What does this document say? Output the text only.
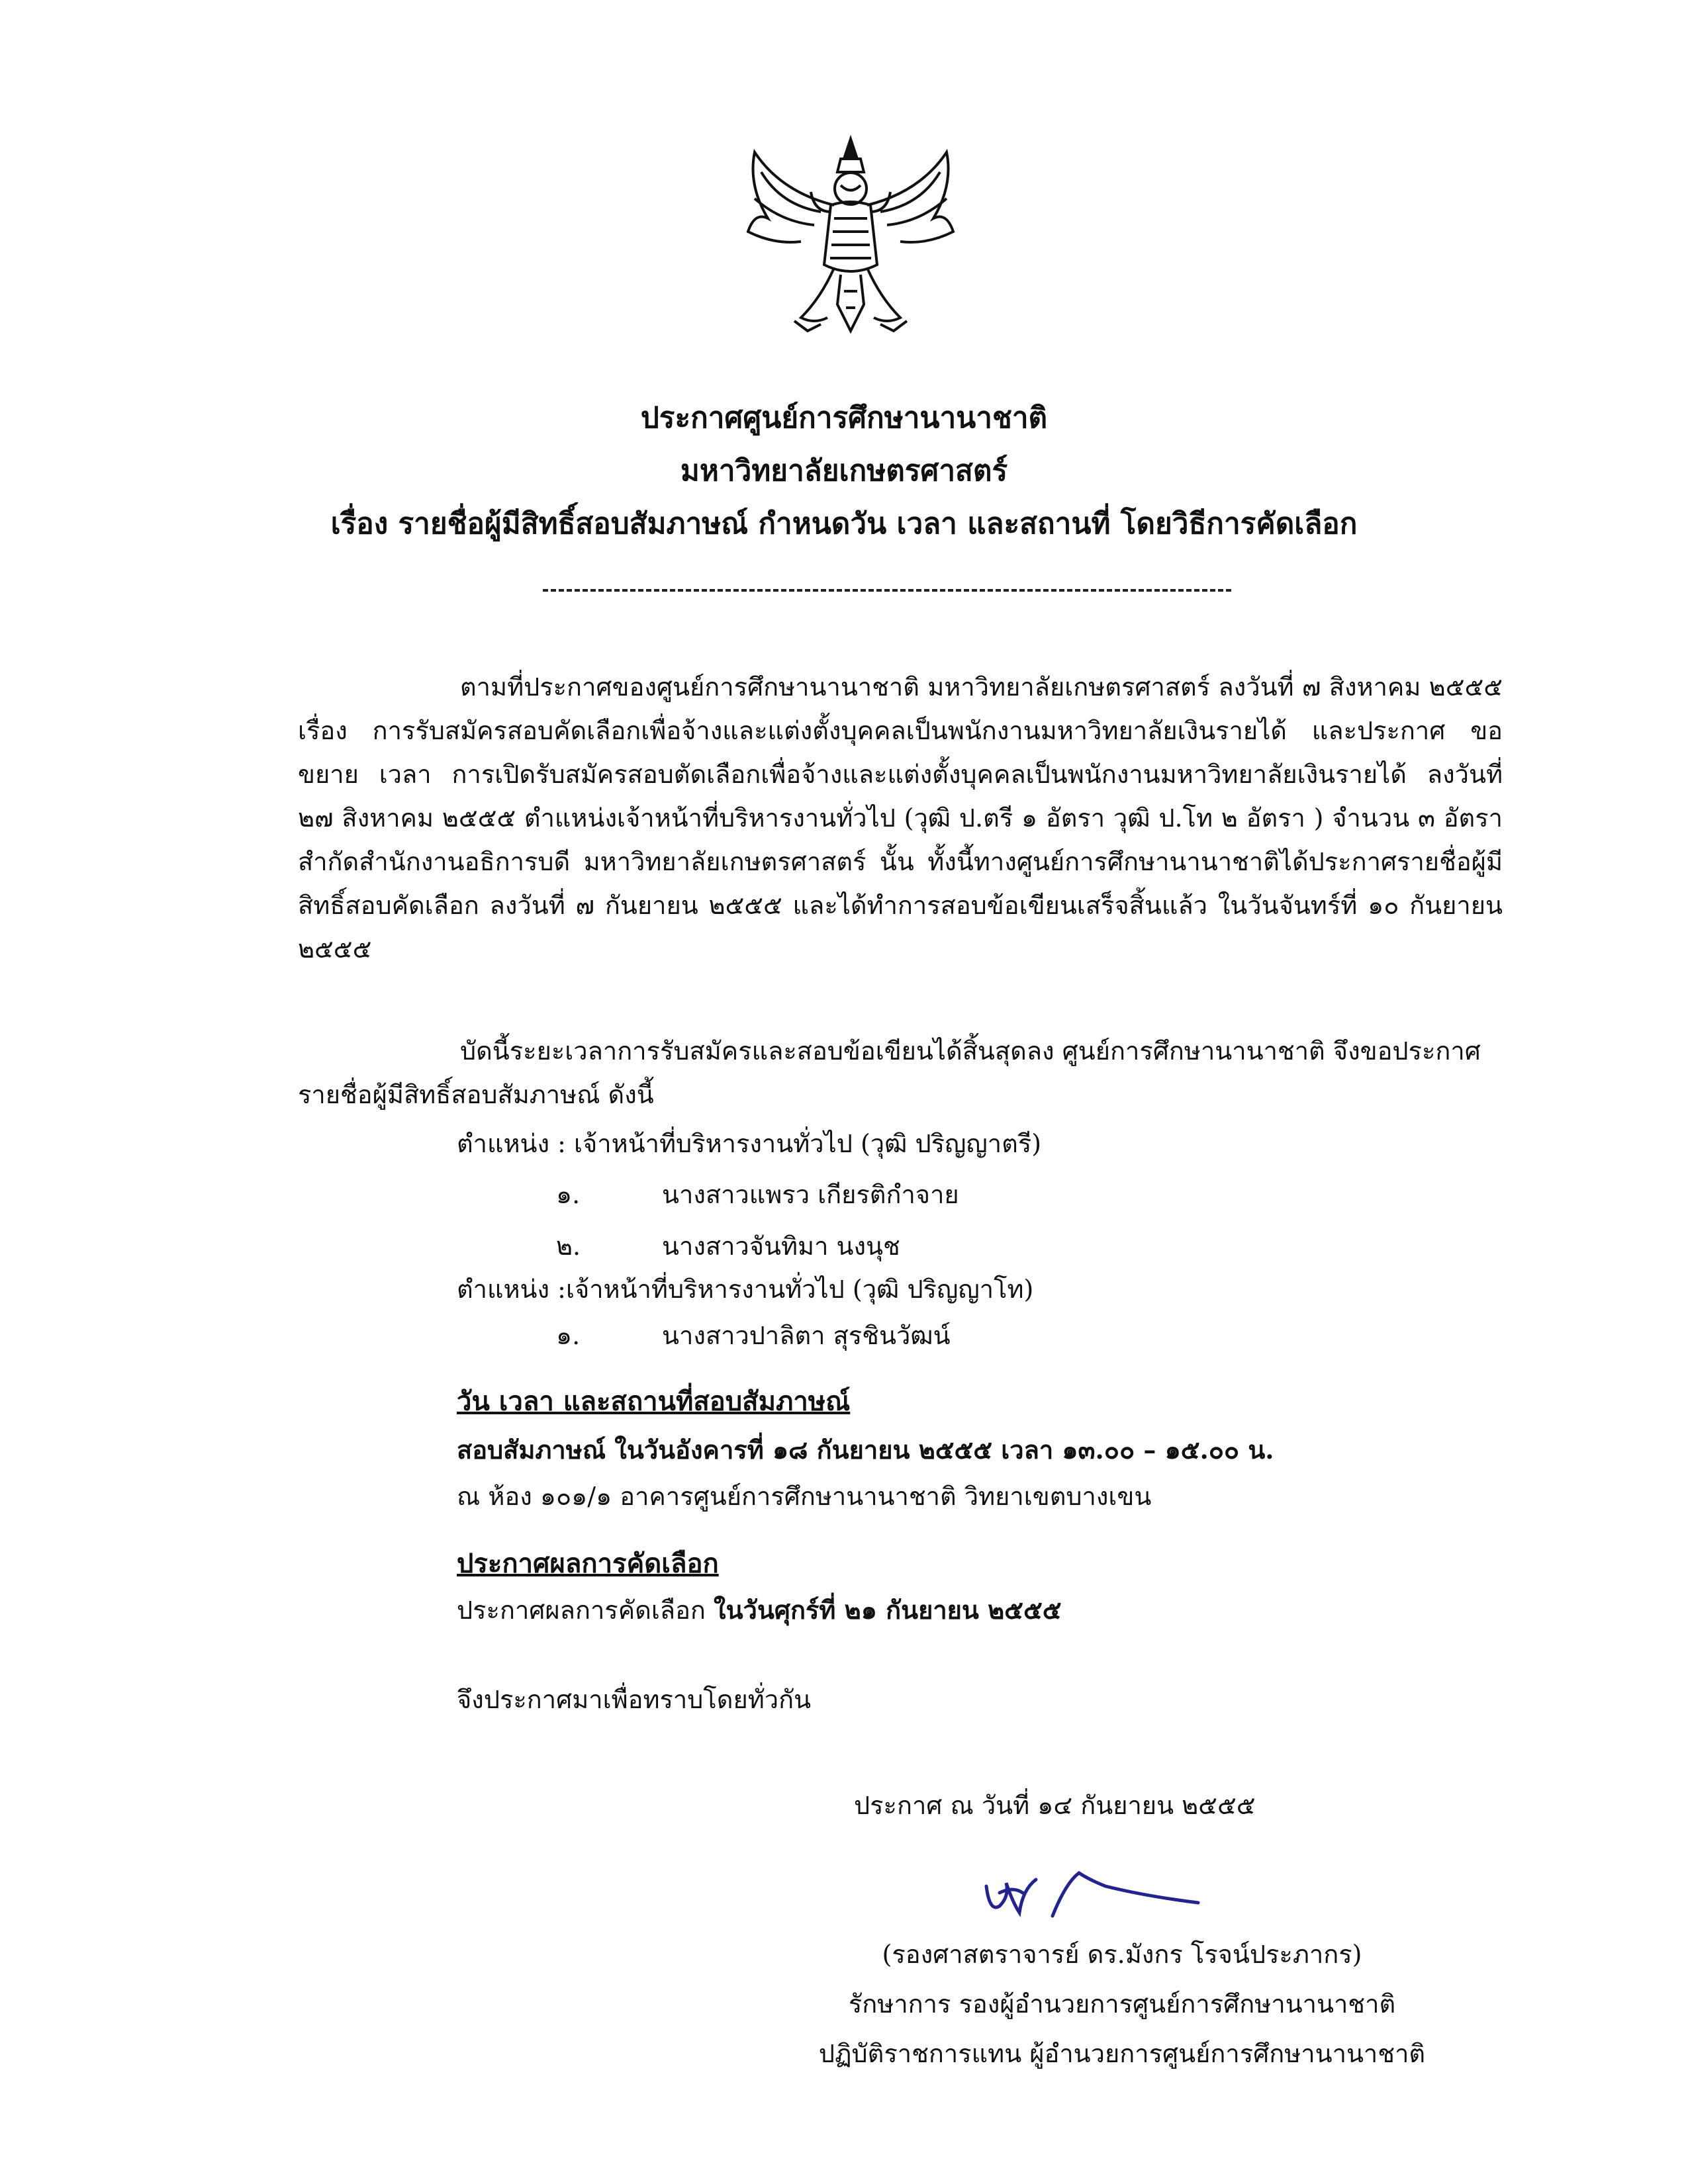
ประกาศศูนย์การศึกษานานาชาติ
มหาวิทยาลัยเกษตรศาสตร์
เรื่อง รายชื่อผู้มีสิทธิ์สอบสัมภาษณ์ กำหนดวัน เวลา และสถานที่ โดยวิธีการคัดเลือก
ตามที่ประกาศของศูนย์การศึกษานานาชาติ มหาวิทยาลัยเกษตรศาสตร์ ลงวันที่ ๗ สิงหาคม ๒๕๕๕ เรื่อง การรับสมัครสอบคัดเลือกเพื่อจ้างและแต่งตั้งบุคคลเป็นพนักงานมหาวิทยาลัยเงินรายได้ และประกาศ ขอขยาย เวลา การเปิดรับสมัครสอบตัดเลือกเพื่อจ้างและแต่งตั้งบุคคลเป็นพนักงานมหาวิทยาลัยเงินรายได้ ลงวันที่ ๒๗ สิงหาคม ๒๕๕๕ ตำแหน่งเจ้าหน้าที่บริหารงานทั่วไป (วุฒิ ป.ตรี ๑ อัตรา วุฒิ ป.โท ๒ อัตรา ) จำนวน ๓ อัตรา สำกัดสำนักงานอธิการบดี มหาวิทยาลัยเกษตรศาสตร์ นั้น ทั้งนี้ทางศูนย์การศึกษานานาชาติได้ประกาศรายชื่อผู้มีสิทธิ์สอบคัดเลือก ลงวันที่ ๗ กันยายน ๒๕๕๕ และได้ทำการสอบข้อเขียนเสร็จสิ้นแล้ว ในวันจันทร์ที่ ๑๐ กันยายน ๒๕๕๕
บัดนี้ระยะเวลาการรับสมัครและสอบข้อเขียนได้สิ้นสุดลง ศูนย์การศึกษานานาชาติ จึงขอประกาศรายชื่อผู้มีสิทธิ์สอบสัมภาษณ์ ดังนี้
ตำแหน่ง : เจ้าหน้าที่บริหารงานทั่วไป (วุฒิ ปริญญาตรี)
๑.	นางสาวแพรว เกียรติกำจาย
๒.	นางสาวจันทิมา นงนุช
ตำแหน่ง :เจ้าหน้าที่บริหารงานทั่วไป (วุฒิ ปริญญาโท)
๑.	นางสาวปาลิตา สุรชินวัฒน์
วัน เวลา และสถานที่สอบสัมภาษณ์
สอบสัมภาษณ์ ในวันอังคารที่ ๑๘ กันยายน ๒๕๕๕ เวลา ๑๓.๐๐ – ๑๕.๐๐ น.
ณ ห้อง ๑๐๑/๑ อาคารศูนย์การศึกษานานาชาติ วิทยาเขตบางเขน
ประกาศผลการคัดเลือก
ประกาศผลการคัดเลือก ในวันศุกร์ที่ ๒๑ กันยายน ๒๕๕๕
จึงประกาศมาเพื่อทราบโดยทั่วกัน
ประกาศ ณ วันที่ ๑๔ กันยายน ๒๕๕๕
(รองศาสตราจารย์ ดร.มังกร โรจน์ประภากร)
รักษาการ รองผู้อำนวยการศูนย์การศึกษานานาชาติ
ปฏิบัติราชการแทน ผู้อำนวยการศูนย์การศึกษานานาชาติ
